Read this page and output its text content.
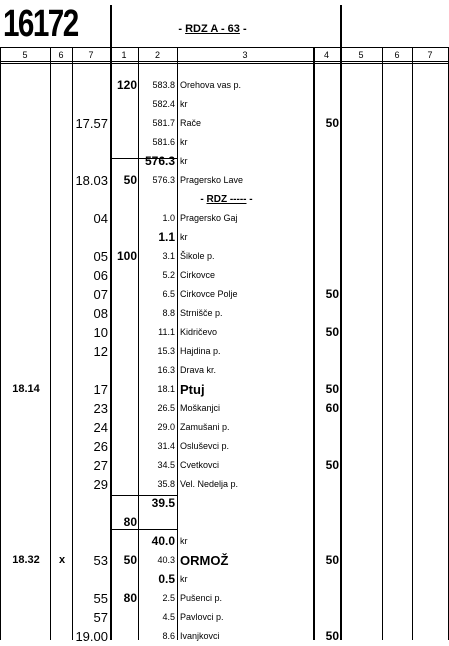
16172	- RDZ A - 63 -
5	6	7	1	2	3	4	5	6	7
120	583.8 Orehova vas p.
582.4 kr
17.57	581.7 Rače	50
581.6 kr
576.3 kr
18.03	50	576.3 Pragersko Lave
- RDZ ----- -
04	1.0 Pragersko Gaj
1.1 kr
05 100	3.1 Šikole p.
06	5.2 Cirkovce
07	6.5 Cirkovce Polje	50
08	8.8 Strnišče p.
10	11.1 Kidričevo	50
12	15.3 Hajdina p.
16.3 Drava kr.
18.14	17	18.1 Ptuj	50
23	26.5 Moškanjci	60
24	29.0 Zamušani p.
26	31.4 Osluševci p.
27	34.5 Cvetkovci	50
29	35.8 Vel. Nedelja p.
39.5
80
40.0 kr
18.32	x	53	50	40.3 ORMOŽ	50
0.5 kr
55	80	2.5 Pušenci p.
57	4.5 Pavlovci p.
19.00	8.6 Ivanjkovci	50
